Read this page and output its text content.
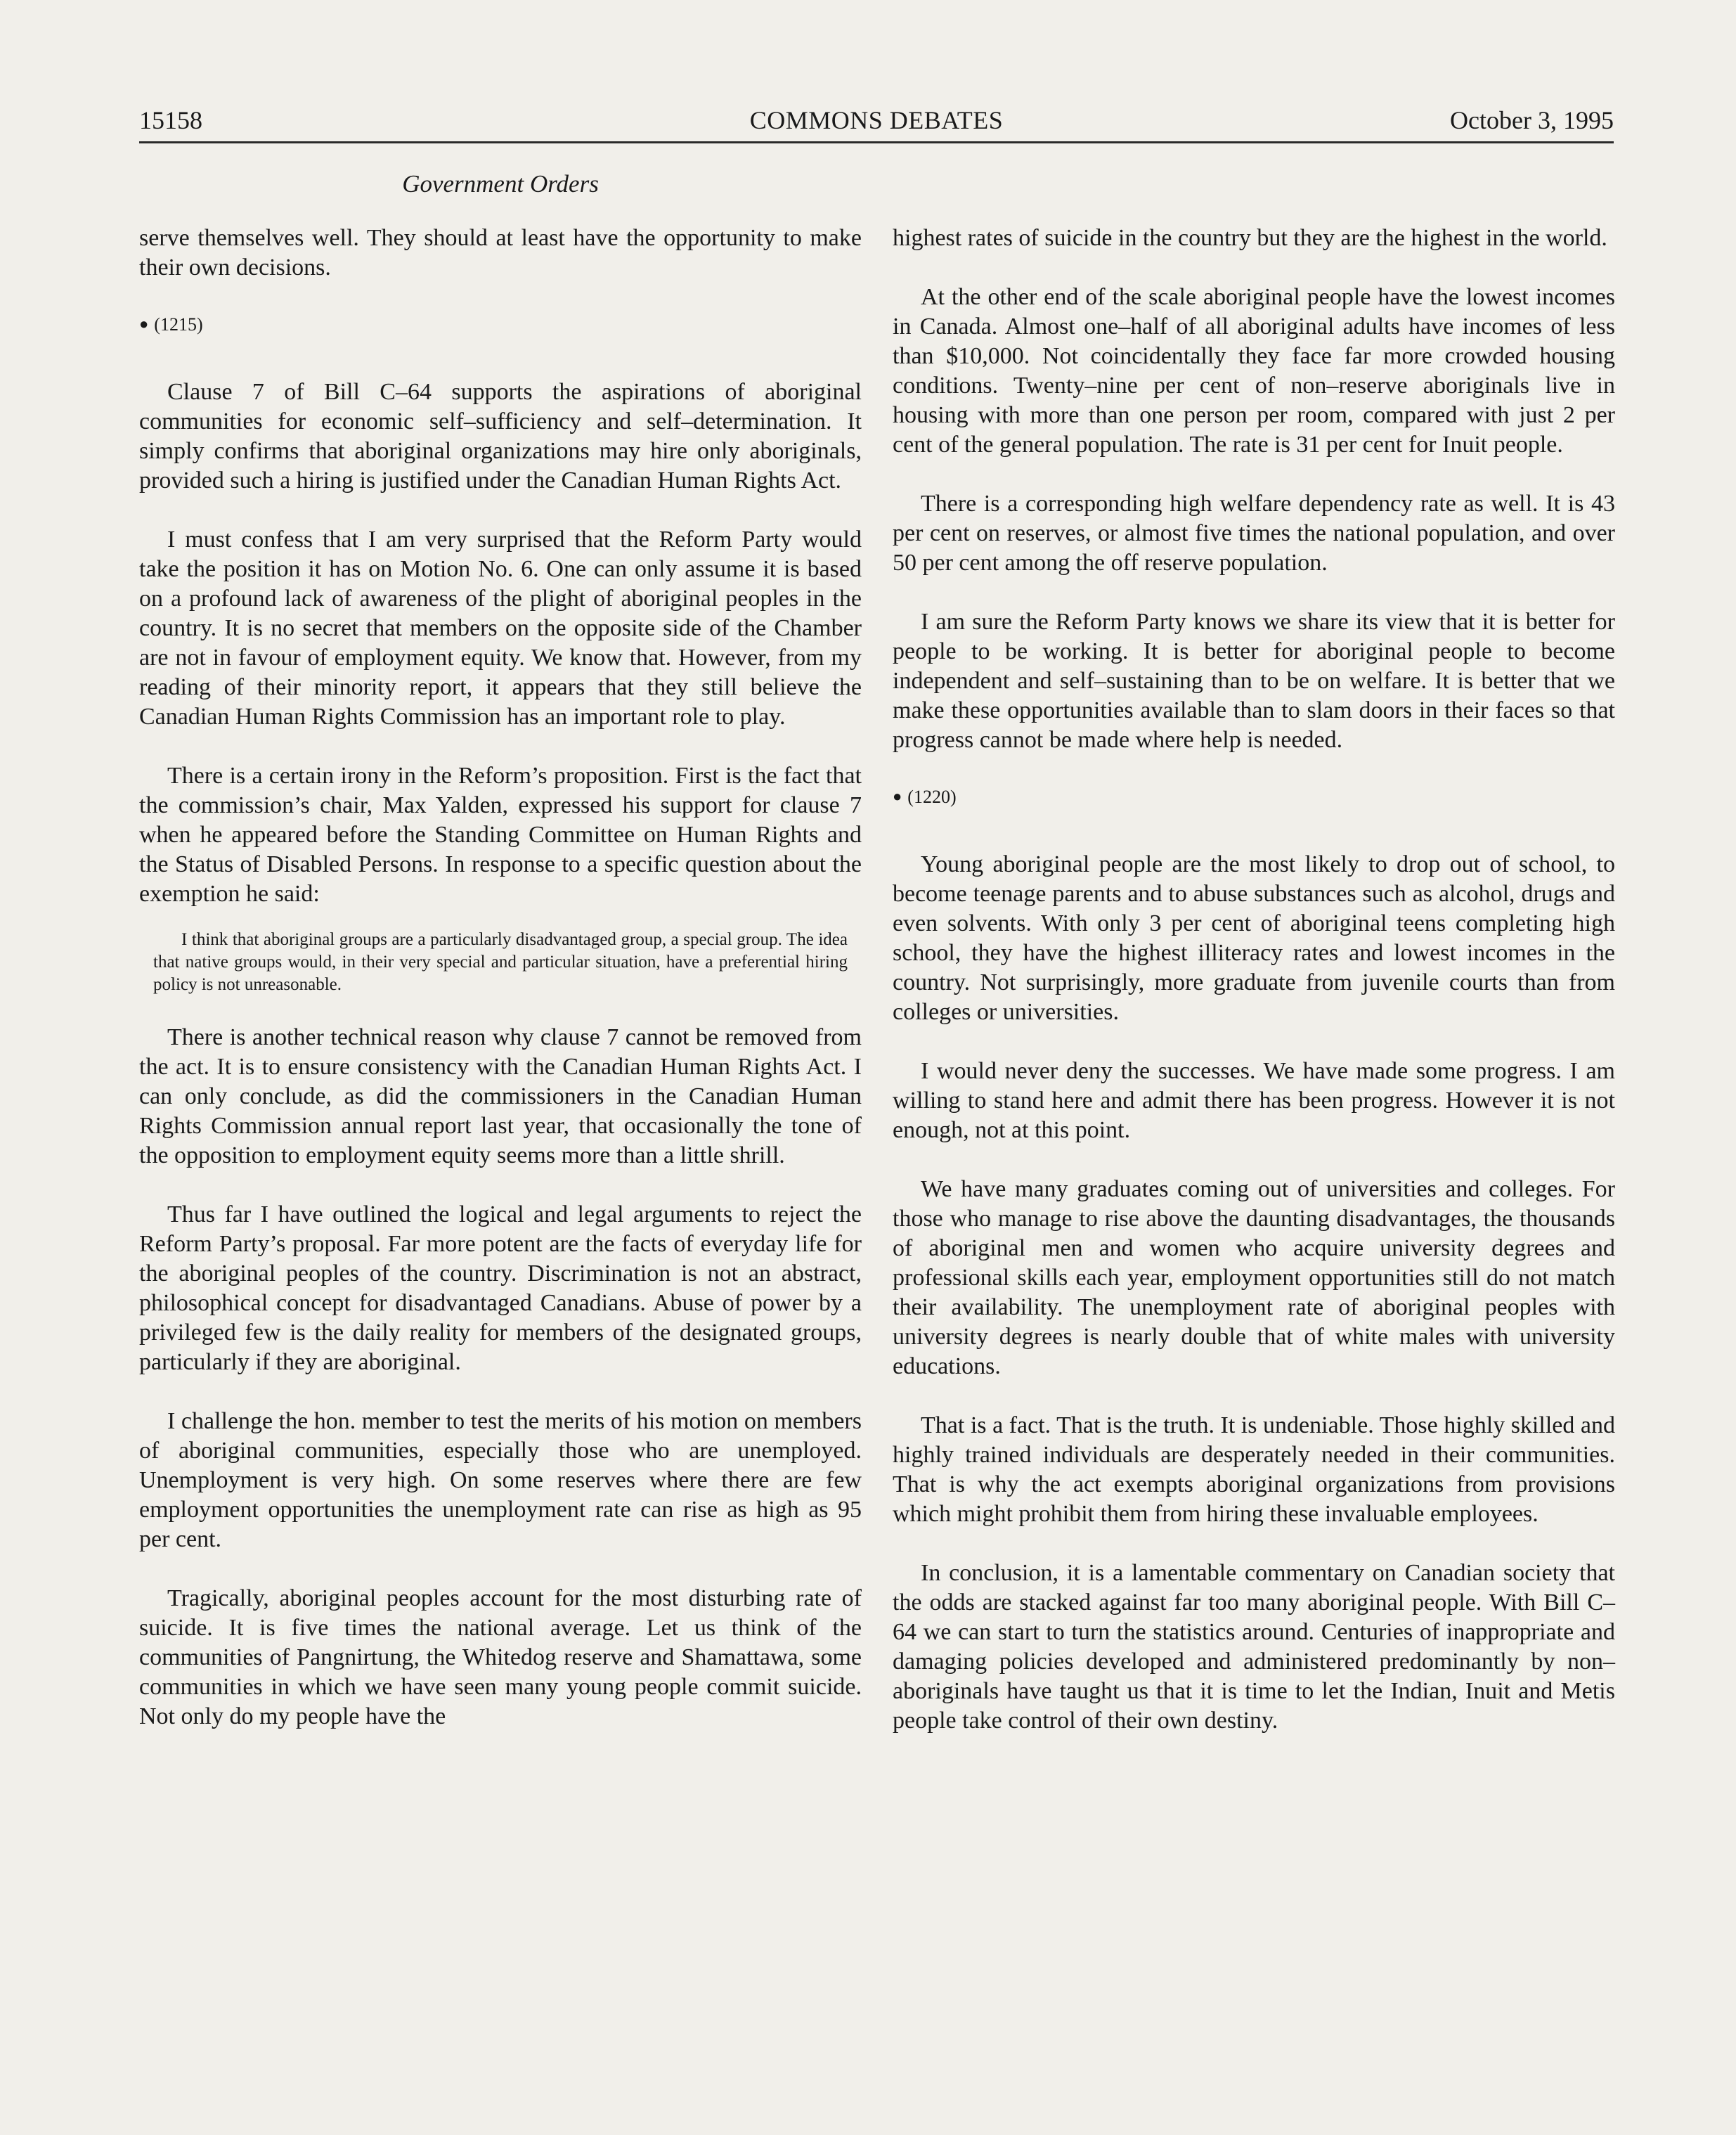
15158	COMMONS DEBATES	October 3, 1995
Government Orders

serve themselves well. They should at least have the opportunity to make their own decisions.

● (1215)

Clause 7 of Bill C–64 supports the aspirations of aboriginal communities for economic self–sufficiency and self–determination. It simply confirms that aboriginal organizations may hire only aboriginals, provided such a hiring is justified under the Canadian Human Rights Act.

I must confess that I am very surprised that the Reform Party would take the position it has on Motion No. 6. One can only assume it is based on a profound lack of awareness of the plight of aboriginal peoples in the country. It is no secret that members on the opposite side of the Chamber are not in favour of employment equity. We know that. However, from my reading of their minority report, it appears that they still believe the Canadian Human Rights Commission has an important role to play.

There is a certain irony in the Reform’s proposition. First is the fact that the commission’s chair, Max Yalden, expressed his support for clause 7 when he appeared before the Standing Committee on Human Rights and the Status of Disabled Persons. In response to a specific question about the exemption he said:

I think that aboriginal groups are a particularly disadvantaged group, a special group. The idea that native groups would, in their very special and particular situation, have a preferential hiring policy is not unreasonable.

There is another technical reason why clause 7 cannot be removed from the act. It is to ensure consistency with the Canadian Human Rights Act. I can only conclude, as did the commissioners in the Canadian Human Rights Commission annual report last year, that occasionally the tone of the opposition to employment equity seems more than a little shrill.

Thus far I have outlined the logical and legal arguments to reject the Reform Party’s proposal. Far more potent are the facts of everyday life for the aboriginal peoples of the country. Discrimination is not an abstract, philosophical concept for disadvantaged Canadians. Abuse of power by a privileged few is the daily reality for members of the designated groups, particularly if they are aboriginal.

I challenge the hon. member to test the merits of his motion on members of aboriginal communities, especially those who are unemployed. Unemployment is very high. On some reserves where there are few employment opportunities the unemployment rate can rise as high as 95 per cent.

Tragically, aboriginal peoples account for the most disturbing rate of suicide. It is five times the national average. Let us think of the communities of Pangnirtung, the Whitedog reserve and Shamattawa, some communities in which we have seen many young people commit suicide. Not only do my people have the

highest rates of suicide in the country but they are the highest in the world.

At the other end of the scale aboriginal people have the lowest incomes in Canada. Almost one–half of all aboriginal adults have incomes of less than $10,000. Not coincidentally they face far more crowded housing conditions. Twenty–nine per cent of non–reserve aboriginals live in housing with more than one person per room, compared with just 2 per cent of the general population. The rate is 31 per cent for Inuit people.

There is a corresponding high welfare dependency rate as well. It is 43 per cent on reserves, or almost five times the national population, and over 50 per cent among the off reserve population.

I am sure the Reform Party knows we share its view that it is better for people to be working. It is better for aboriginal people to become independent and self–sustaining than to be on welfare. It is better that we make these opportunities available than to slam doors in their faces so that progress cannot be made where help is needed.

● (1220)

Young aboriginal people are the most likely to drop out of school, to become teenage parents and to abuse substances such as alcohol, drugs and even solvents. With only 3 per cent of aboriginal teens completing high school, they have the highest illiteracy rates and lowest incomes in the country. Not surprisingly, more graduate from juvenile courts than from colleges or universities.

I would never deny the successes. We have made some progress. I am willing to stand here and admit there has been progress. However it is not enough, not at this point.

We have many graduates coming out of universities and colleges. For those who manage to rise above the daunting disadvantages, the thousands of aboriginal men and women who acquire university degrees and professional skills each year, employment opportunities still do not match their availability. The unemployment rate of aboriginal peoples with university degrees is nearly double that of white males with university educations.

That is a fact. That is the truth. It is undeniable. Those highly skilled and highly trained individuals are desperately needed in their communities. That is why the act exempts aboriginal organizations from provisions which might prohibit them from hiring these invaluable employees.

In conclusion, it is a lamentable commentary on Canadian society that the odds are stacked against far too many aboriginal people. With Bill C–64 we can start to turn the statistics around. Centuries of inappropriate and damaging policies developed and administered predominantly by non–aboriginals have taught us that it is time to let the Indian, Inuit and Metis people take control of their own destiny.
